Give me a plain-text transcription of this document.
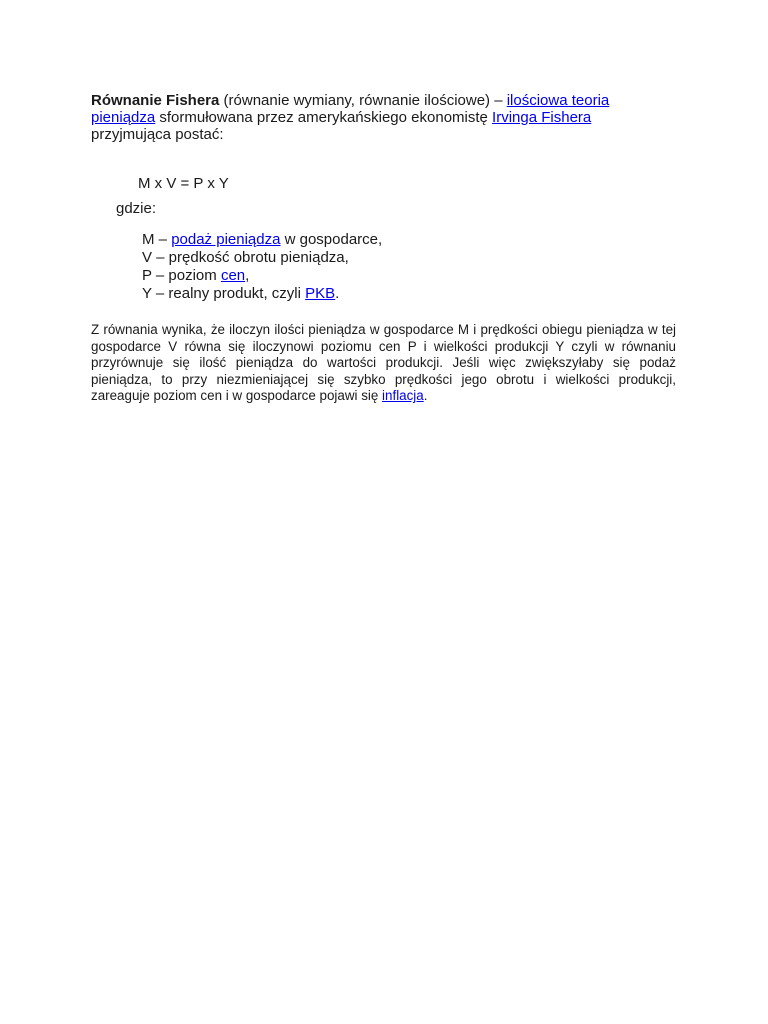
Równanie Fishera (równanie wymiany, równanie ilościowe) – ilościowa teoria pieniądza sformułowana przez amerykańskiego ekonomistę Irvinga Fishera przyjmująca postać:

M x V = P x Y

gdzie:

M – podaż pieniądza w gospodarce,
V – prędkość obrotu pieniądza,
P – poziom cen,
Y – realny produkt, czyli PKB.

Z równania wynika, że iloczyn ilości pieniądza w gospodarce M i prędkości obiegu pieniądza w tej gospodarce V równa się iloczynowi poziomu cen P i wielkości produkcji Y czyli w równaniu przyrównuje się ilość pieniądza do wartości produkcji. Jeśli więc zwiększyłaby się podaż pieniądza, to przy niezmieniającej się szybko prędkości jego obrotu i wielkości produkcji, zareaguje poziom cen i w gospodarce pojawi się inflacja.
